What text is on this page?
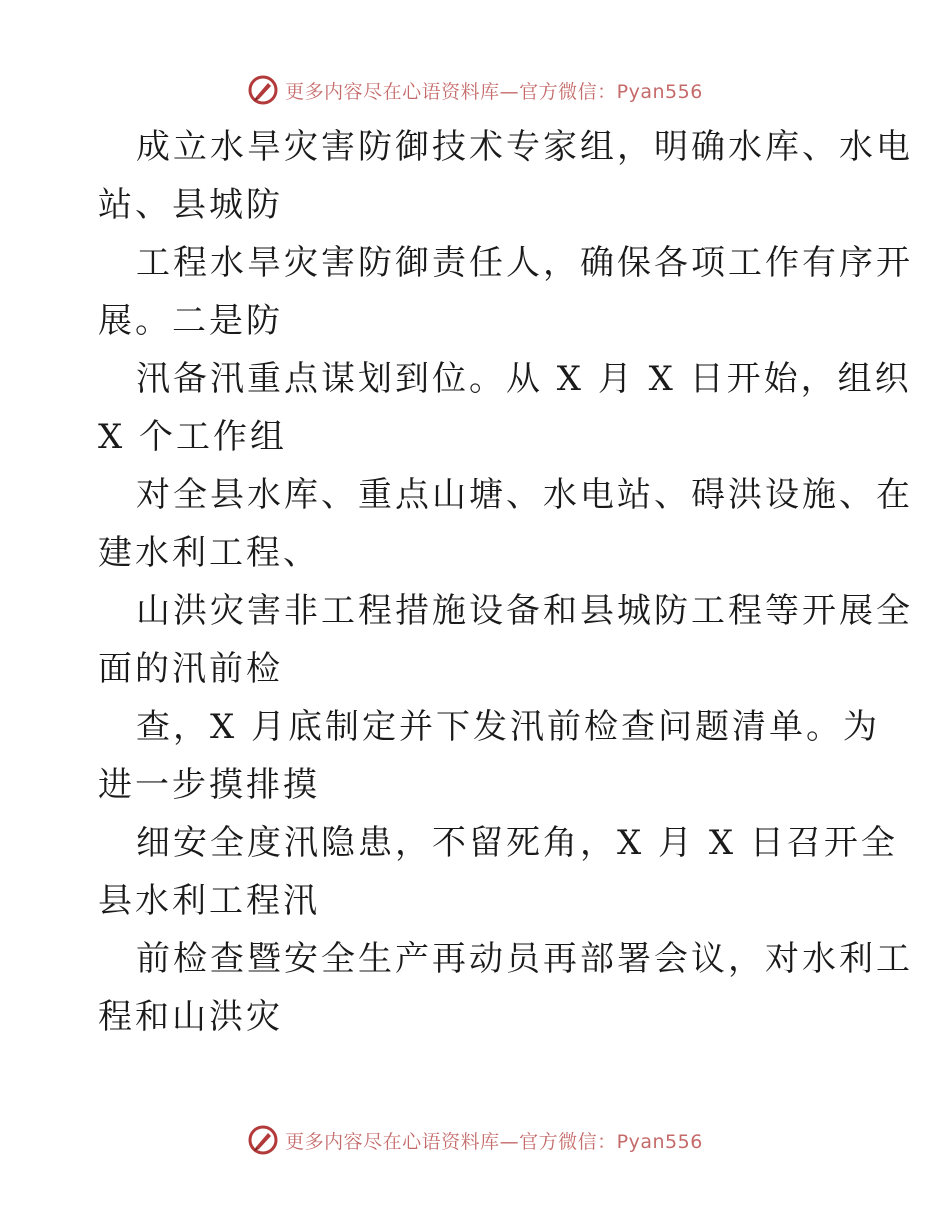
更多内容尽在心语资料库—官方微信：Pyan556
成立水旱灾害防御技术专家组，明确水库、水电
站、县城防
工程水旱灾害防御责任人，确保各项工作有序开
展。二是防
汛备汛重点谋划到位。从 X 月 X 日开始，组织
X 个工作组
对全县水库、重点山塘、水电站、碍洪设施、在
建水利工程、
山洪灾害非工程措施设备和县城防工程等开展全
面的汛前检
查，X 月底制定并下发汛前检查问题清单。为
进一步摸排摸
细安全度汛隐患，不留死角，X 月 X 日召开全
县水利工程汛
前检查暨安全生产再动员再部署会议，对水利工
程和山洪灾
更多内容尽在心语资料库—官方微信：Pyan556
